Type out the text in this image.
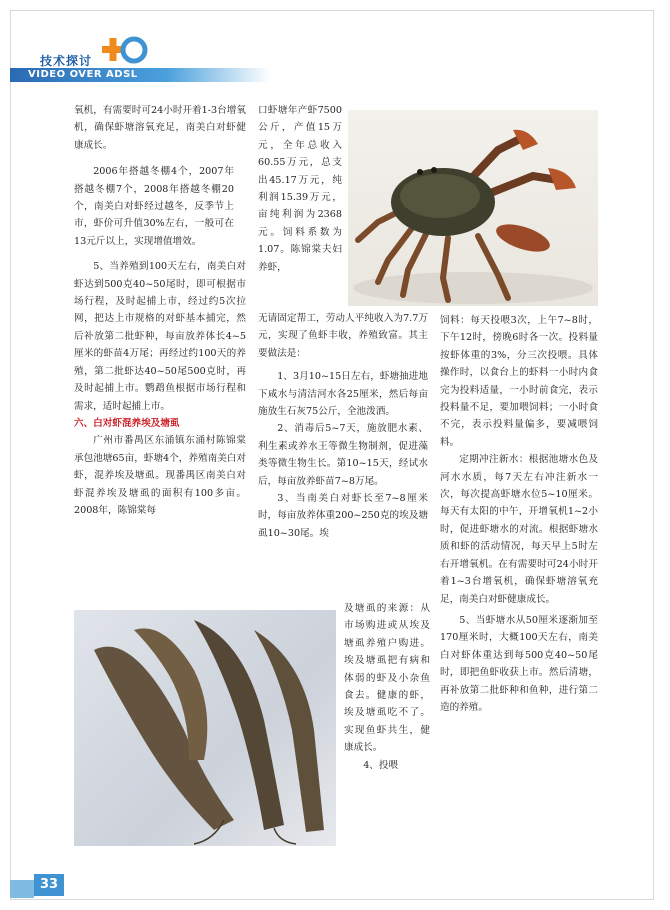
技术探讨
VIDEO OVER ADSL

氧机，有需要时可24小时开着1-3台增氧机，确保虾塘溶氧充足，南美白对虾健康成长。

2006年搭越冬棚4个，2007年搭越冬棚7个，2008年搭越冬棚20个，南美白对虾经过越冬，反季节上市，虾价可升值30%左右，一般可在13元斤以上，实现增值增效。

5、当养殖到100天左右，南美白对虾达到500克40~50尾时，即可根据市场行程，及时起捕上市，经过约5次拉网，把达上市规格的对虾基本捕完，然后补放第二批虾种，每亩放养体长4~5厘米的虾苗4万尾；再经过约100天的养殖，第二批虾达40~50尾500克时，再及时起捕上市。鹦鹉鱼根据市场行程和需求，适时起捕上市。

六、白对虾混养埃及塘虱

广州市番禺区东涌镇东涌村陈锦棠承包池塘65亩，虾塘4个，养殖南美白对虾，混养埃及塘虱。现番禺区南美白对虾混养埃及塘虱的面积有100多亩。2008年，陈锦棠每

口虾塘年产虾7500公斤，产值15万元，全年总收入60.55万元，总支出45.17万元，纯利润15.39万元，亩纯利润为2368元。饲料系数为1.07。陈锦棠夫妇养虾，

无请固定帮工，劳动人平纯收入为7.7万元，实现了鱼虾丰收，养殖致富。其主要做法是：

1、3月10~15日左右，虾塘抽进地下咸水与清洁河水各25厘米，然后每亩施放生石灰75公斤，全池泼洒。

2、消毒后5~7天，施放肥水素、利生素或养水王等微生物制剂，促进藻类等微生物生长。第10~15天，经试水后，每亩放养虾苗7~8万尾。

3、当南美白对虾长至7~8厘米时，每亩放养体重200~250克的埃及塘虱10~30尾。埃

及塘虱的来源：从市场购进或从埃及塘虱养殖户购进。埃及塘虱把有病和体弱的虾及小杂鱼食去。健康的虾，埃及塘虱吃不了。实现鱼虾共生，健康成长。

4、投喂

饲料：每天投喂3次，上午7~8时，下午12时，傍晚6时各一次。投料量按虾体重的3%，分三次投喂。具体操作时，以食台上的虾料一小时内食完为投料适量，一小时前食完，表示投料量不足，要加喂饲料；一小时食不完，表示投料量偏多，要减喂饲料。

定期冲注新水：根据池塘水色及河水水质，每7天左右冲注新水一次，每次提高虾塘水位5~10厘米。每天有太阳的中午，开增氧机1~2小时，促进虾塘水的对流。根据虾塘水质和虾的活动情况，每天早上5时左右开增氧机。在有需要时可24小时开着1~3台增氧机，确保虾塘溶氧充足，南美白对虾健康成长。

5、当虾塘水从50厘米逐渐加至170厘米时，大概100天左右，南美白对虾体重达到每500克40~50尾时，即把鱼虾收获上市。然后清塘，再补放第二批虾种和鱼种，进行第二造的养殖。

33
